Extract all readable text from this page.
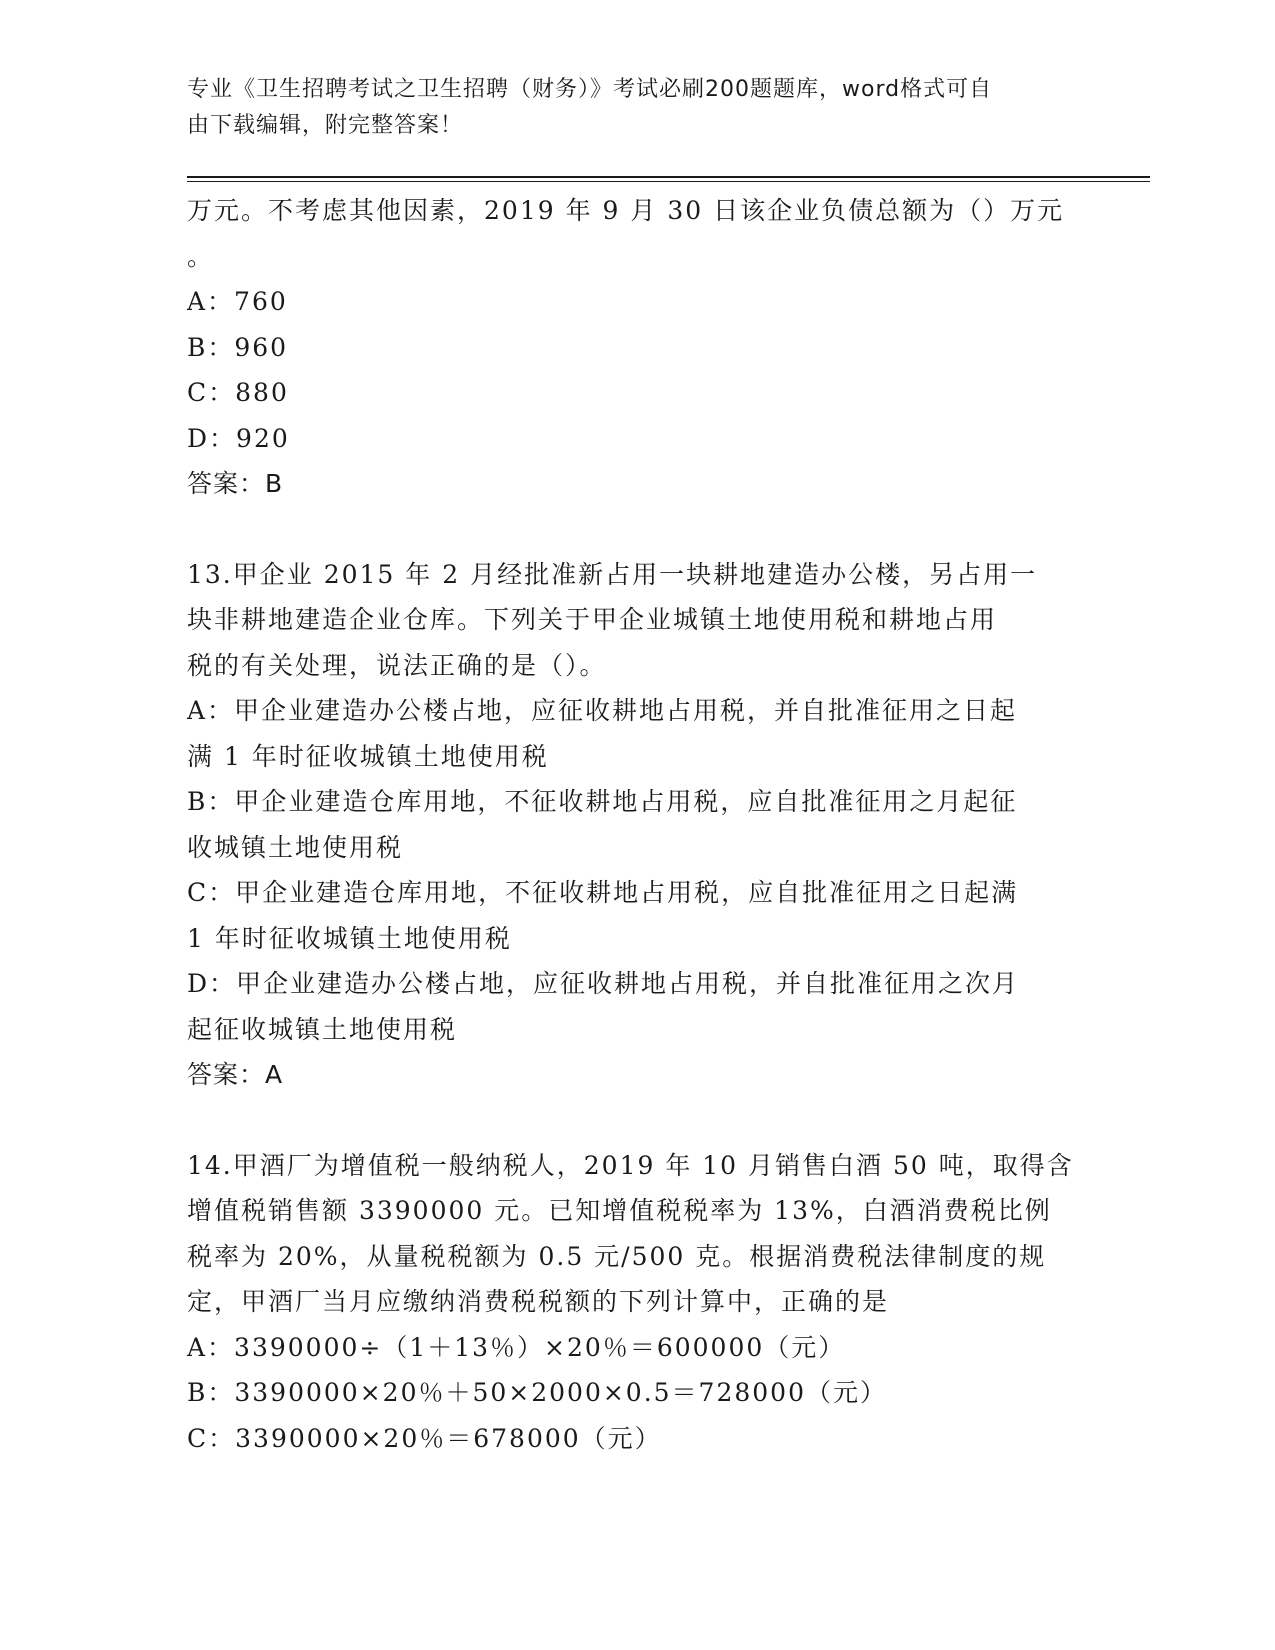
专业《卫生招聘考试之卫生招聘（财务）》考试必刷200题题库，word格式可自
由下载编辑，附完整答案！
万元。不考虑其他因素，2019 年 9 月 30 日该企业负债总额为（）万元
。
A：760
B：960
C：880
D：920
答案：B
13.甲企业 2015 年 2 月经批准新占用一块耕地建造办公楼，另占用一
块非耕地建造企业仓库。下列关于甲企业城镇土地使用税和耕地占用
税的有关处理，说法正确的是（）。
A：甲企业建造办公楼占地，应征收耕地占用税，并自批准征用之日起
满 1 年时征收城镇土地使用税
B：甲企业建造仓库用地，不征收耕地占用税，应自批准征用之月起征
收城镇土地使用税
C：甲企业建造仓库用地，不征收耕地占用税，应自批准征用之日起满
1 年时征收城镇土地使用税
D：甲企业建造办公楼占地，应征收耕地占用税，并自批准征用之次月
起征收城镇土地使用税
答案：A
14.甲酒厂为增值税一般纳税人，2019 年 10 月销售白酒 50 吨，取得含
增值税销售额 3390000 元。已知增值税税率为 13%，白酒消费税比例
税率为 20%，从量税税额为 0.5 元/500 克。根据消费税法律制度的规
定，甲酒厂当月应缴纳消费税税额的下列计算中，正确的是
A：3390000÷（1＋13％）×20％＝600000（元）
B：3390000×20％＋50×2000×0.5＝728000（元）
C：3390000×20％＝678000（元）
